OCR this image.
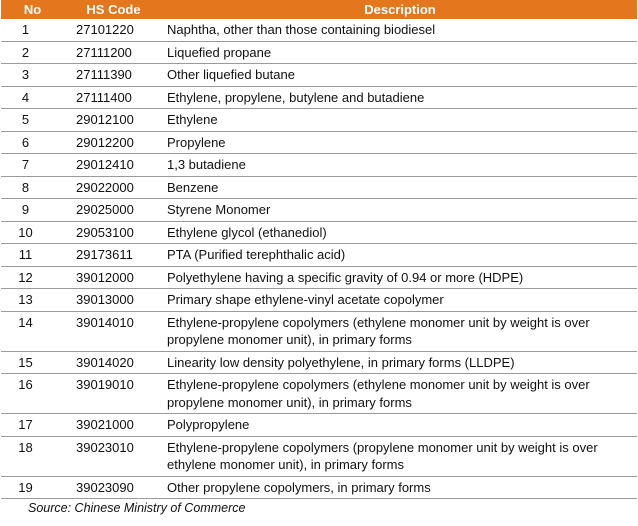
No	HS Code	Description
1	27101220	Naphtha, other than those containing biodiesel
2	27111200	Liquefied propane
3	27111390	Other liquefied butane
4	27111400	Ethylene, propylene, butylene and butadiene
5	29012100	Ethylene
6	29012200	Propylene
7	29012410	1,3 butadiene
8	29022000	Benzene
9	29025000	Styrene Monomer
10	29053100	Ethylene glycol (ethanediol)
11	29173611	PTA (Purified terephthalic acid)
12	39012000	Polyethylene having a specific gravity of 0.94 or more (HDPE)
13	39013000	Primary shape ethylene-vinyl acetate copolymer
14	39014010	Ethylene-propylene copolymers (ethylene monomer unit by weight is over propylene monomer unit), in primary forms
15	39014020	Linearity low density polyethylene, in primary forms (LLDPE)
16	39019010	Ethylene-propylene copolymers (ethylene monomer unit by weight is over propylene monomer unit), in primary forms
17	39021000	Polypropylene
18	39023010	Ethylene-propylene copolymers (propylene monomer unit by weight is over ethylene monomer unit), in primary forms
19	39023090	Other propylene copolymers, in primary forms
Source: Chinese Ministry of Commerce
